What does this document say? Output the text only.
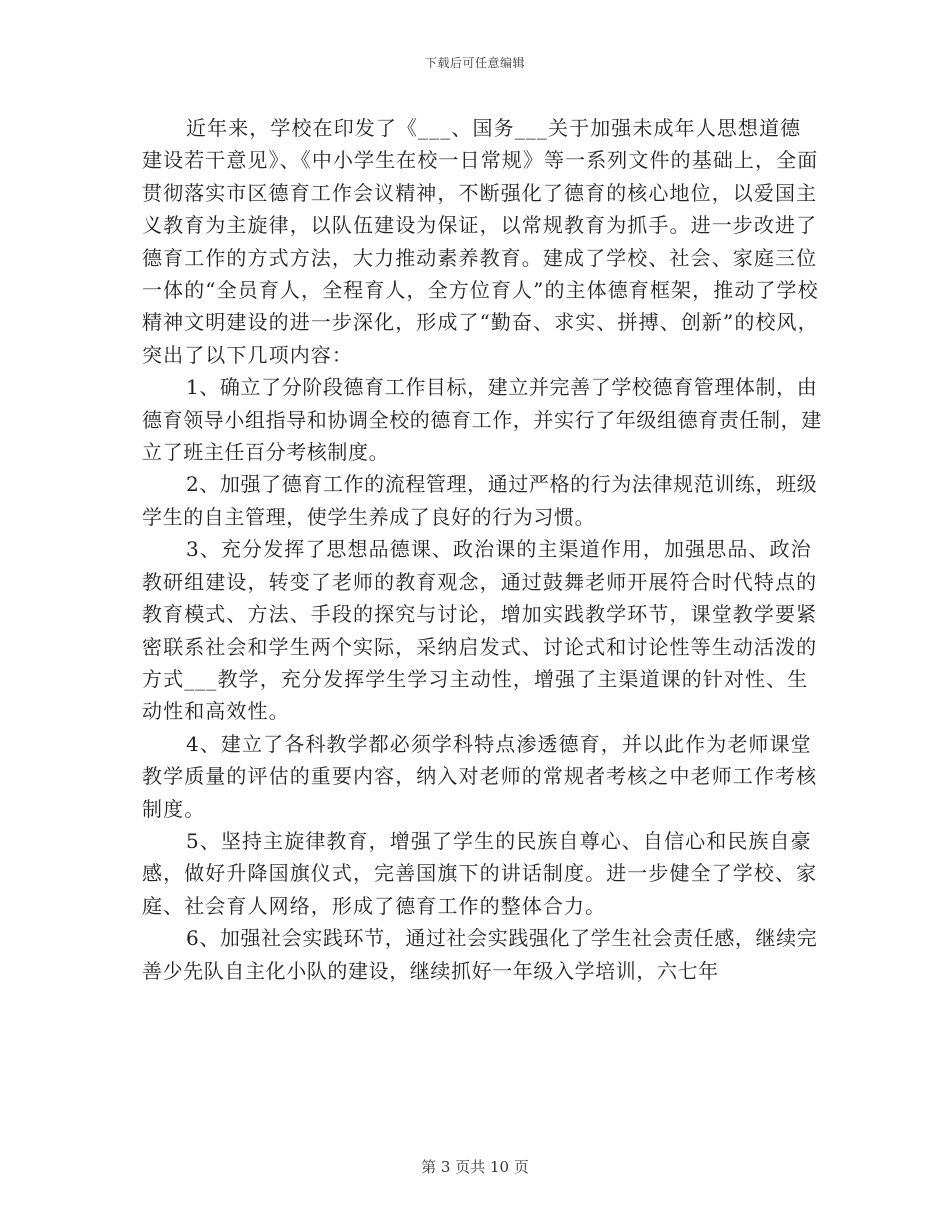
下载后可任意编辑

近年来，学校在印发了《___、国务___关于加强未成年人思想道德建设若干意见》、《中小学生在校一日常规》等一系列文件的基础上，全面贯彻落实市区德育工作会议精神，不断强化了德育的核心地位，以爱国主义教育为主旋律，以队伍建设为保证，以常规教育为抓手。进一步改进了德育工作的方式方法，大力推动素养教育。建成了学校、社会、家庭三位一体的“全员育人，全程育人，全方位育人”的主体德育框架，推动了学校精神文明建设的进一步深化，形成了“勤奋、求实、拼搏、创新”的校风，突出了以下几项内容：

1、确立了分阶段德育工作目标，建立并完善了学校德育管理体制，由德育领导小组指导和协调全校的德育工作，并实行了年级组德育责任制，建立了班主任百分考核制度。

2、加强了德育工作的流程管理，通过严格的行为法律规范训练，班级学生的自主管理，使学生养成了良好的行为习惯。

3、充分发挥了思想品德课、政治课的主渠道作用，加强思品、政治教研组建设，转变了老师的教育观念，通过鼓舞老师开展符合时代特点的教育模式、方法、手段的探究与讨论，增加实践教学环节，课堂教学要紧密联系社会和学生两个实际，采纳启发式、讨论式和讨论性等生动活泼的方式___教学，充分发挥学生学习主动性，增强了主渠道课的针对性、生动性和高效性。

4、建立了各科教学都必须学科特点渗透德育，并以此作为老师课堂教学质量的评估的重要内容，纳入对老师的常规者考核之中老师工作考核制度。

5、坚持主旋律教育，增强了学生的民族自尊心、自信心和民族自豪感，做好升降国旗仪式，完善国旗下的讲话制度。进一步健全了学校、家庭、社会育人网络，形成了德育工作的整体合力。

6、加强社会实践环节，通过社会实践强化了学生社会责任感，继续完善少先队自主化小队的建设，继续抓好一年级入学培训，六七年

第 3 页共 10 页
